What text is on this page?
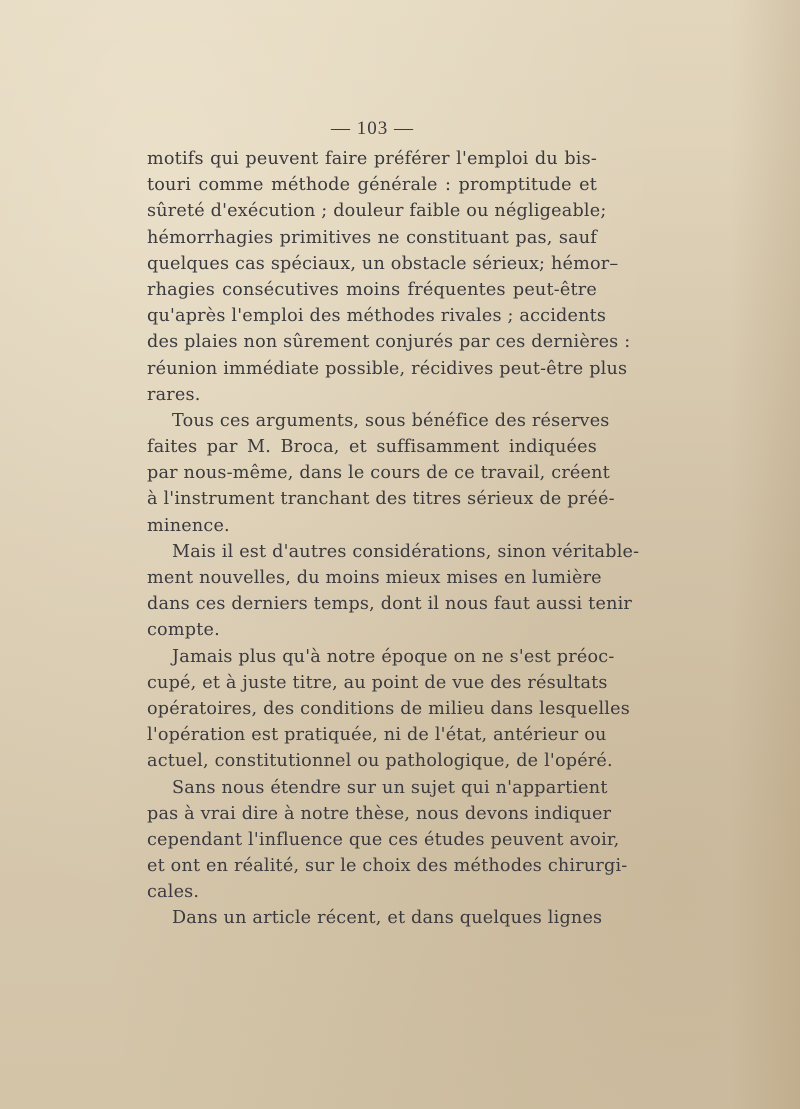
— 103 —
motifs qui peuvent faire préférer l'emploi du bis-
touri comme méthode générale : promptitude et
sûreté d'exécution ; douleur faible ou négligeable;
hémorrhagies primitives ne constituant pas, sauf
quelques cas spéciaux, un obstacle sérieux; hémor–
rhagies consécutives moins fréquentes peut-être
qu'après l'emploi des méthodes rivales ; accidents
des plaies non sûrement conjurés par ces dernières :
réunion immédiate possible, récidives peut-être plus
rares.
Tous ces arguments, sous bénéfice des réserves
faites par M. Broca, et suffisamment indiquées
par nous-même, dans le cours de ce travail, créent
à l'instrument tranchant des titres sérieux de préé-
minence.
Mais il est d'autres considérations, sinon véritable-
ment nouvelles, du moins mieux mises en lumière
dans ces derniers temps, dont il nous faut aussi tenir
compte.
Jamais plus qu'à notre époque on ne s'est préoc-
cupé, et à juste titre, au point de vue des résultats
opératoires, des conditions de milieu dans lesquelles
l'opération est pratiquée, ni de l'état, antérieur ou
actuel, constitutionnel ou pathologique, de l'opéré.
Sans nous étendre sur un sujet qui n'appartient
pas à vrai dire à notre thèse, nous devons indiquer
cependant l'influence que ces études peuvent avoir,
et ont en réalité, sur le choix des méthodes chirurgi-
cales.
Dans un article récent, et dans quelques lignes
